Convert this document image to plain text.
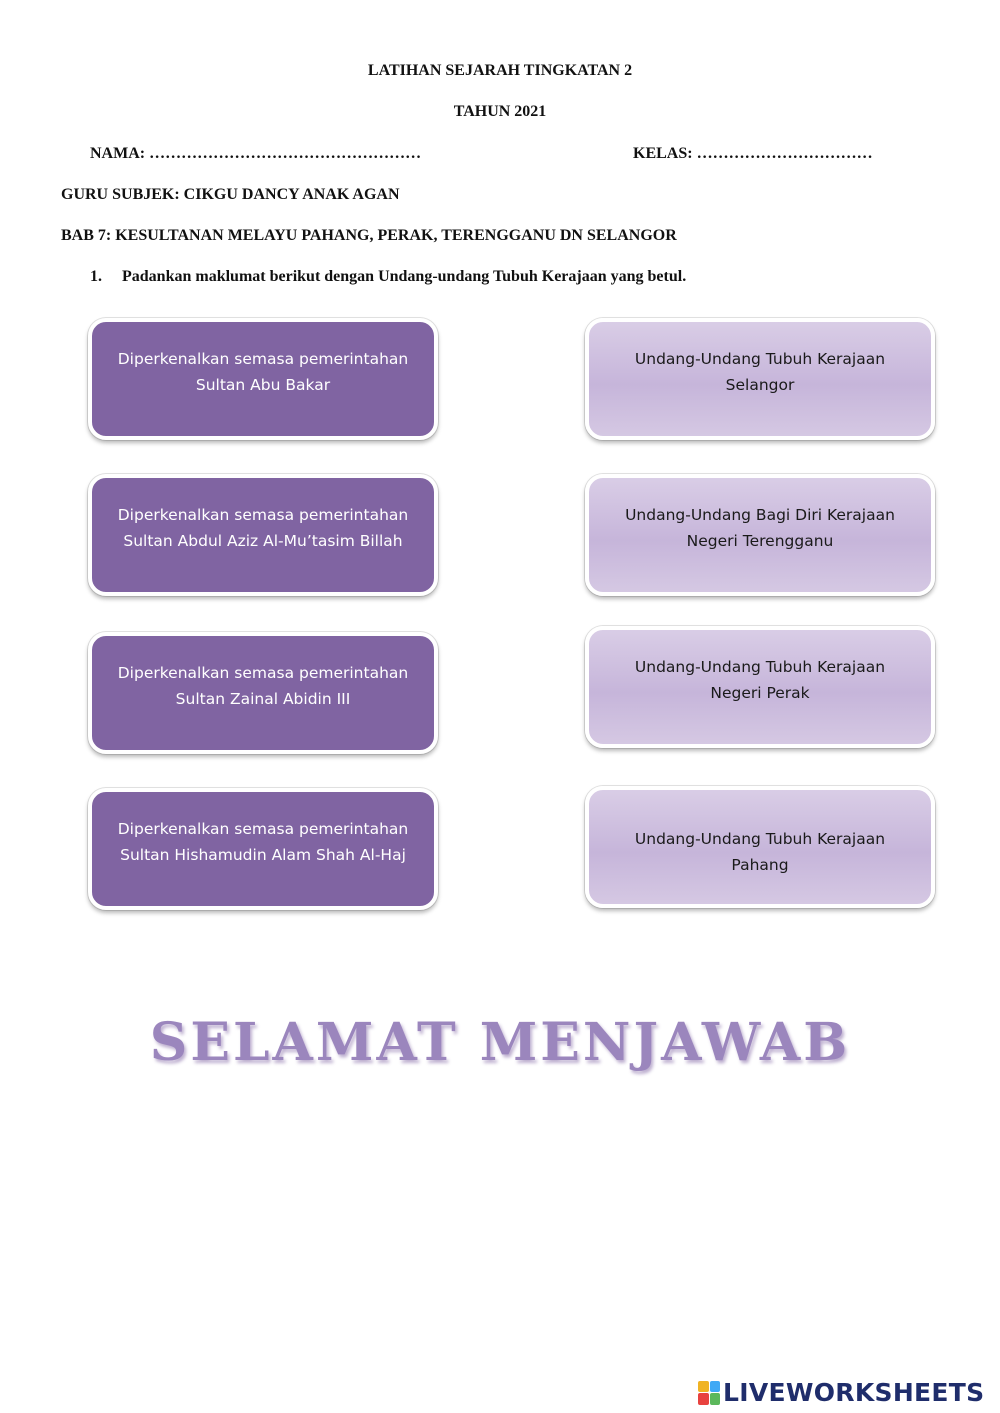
LATIHAN SEJARAH TINGKATAN 2
TAHUN 2021
NAMA: ……………………………………………	KELAS: ……………………………
GURU SUBJEK: CIKGU DANCY ANAK AGAN
BAB 7: KESULTANAN MELAYU PAHANG, PERAK, TERENGGANU DN SELANGOR
1. Padankan maklumat berikut dengan Undang-undang Tubuh Kerajaan yang betul.
Diperkenalkan semasa pemerintahan Sultan Abu Bakar
Diperkenalkan semasa pemerintahan Sultan Abdul Aziz Al-Mu’tasim Billah
Diperkenalkan semasa pemerintahan Sultan Zainal Abidin III
Diperkenalkan semasa pemerintahan Sultan Hishamudin Alam Shah Al-Haj
Undang-Undang Tubuh Kerajaan Selangor
Undang-Undang Bagi Diri Kerajaan Negeri Terengganu
Undang-Undang Tubuh Kerajaan Negeri Perak
Undang-Undang Tubuh Kerajaan Pahang
SELAMAT MENJAWAB
LIVEWORKSHEETS
